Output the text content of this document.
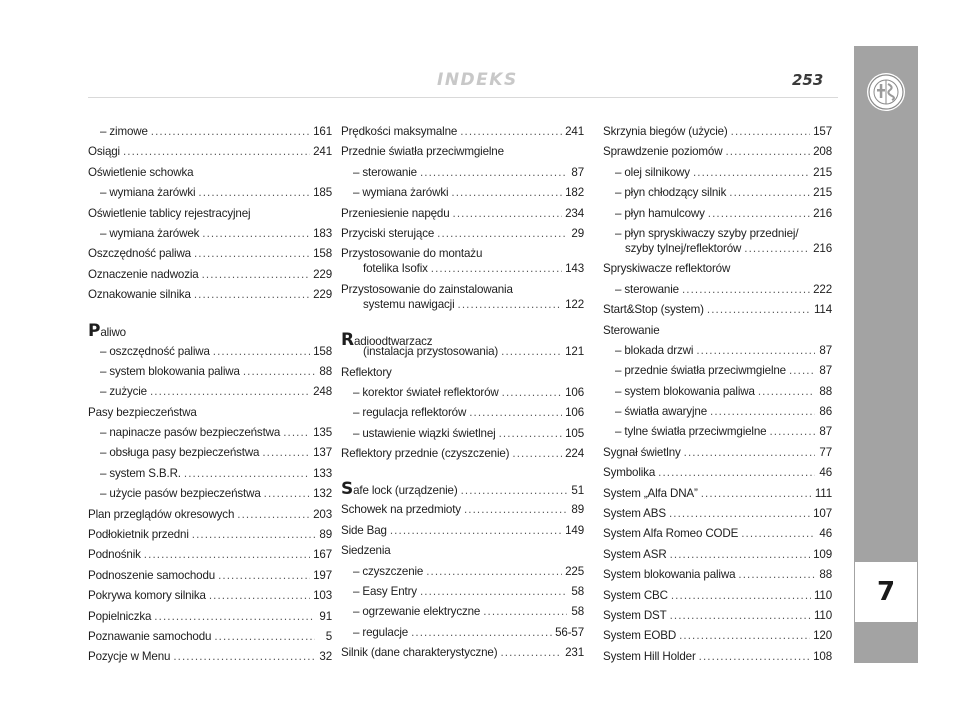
INDEKS	253
7
– zimowe .....	161
Osiągi .....	241
Oświetlenie schowka
– wymiana żarówki .....	185
Oświetlenie tablicy rejestracyjnej
– wymiana żarówek .....	183
Oszczędność paliwa .....	158
Oznaczenie nadwozia .....	229
Oznakowanie silnika .....	229
Paliwo
– oszczędność paliwa .....	158
– system blokowania paliwa .....	88
– zużycie .....	248
Pasy bezpieczeństwa
– napinacze pasów bezpieczeństwa .....	135
– obsługa pasy bezpieczeństwa .....	137
– system S.B.R. .....	133
– użycie pasów bezpieczeństwa .....	132
Plan przeglądów okresowych .....	203
Podłokietnik przedni .....	89
Podnośnik .....	167
Podnoszenie samochodu .....	197
Pokrywa komory silnika .....	103
Popielniczka .....	91
Poznawanie samochodu .....	5
Pozycje w Menu .....	32
Prędkości maksymalne .....	241
Przednie światła przeciwmgielne
– sterowanie .....	87
– wymiana żarówki .....	182
Przeniesienie napędu .....	234
Przyciski sterujące .....	29
Przystosowanie do montażu
fotelika Isofix .....	143
Przystosowanie do zainstalowania
systemu nawigacji .....	122
Radioodtwarzacz
(instalacja przystosowania) .....	121
Reflektory
– korektor świateł reflektorów .....	106
– regulacja reflektorów .....	106
– ustawienie wiązki świetlnej .....	105
Reflektory przednie (czyszczenie) .....	224
Safe lock (urządzenie) .....	51
Schowek na przedmioty .....	89
Side Bag .....	149
Siedzenia
– czyszczenie .....	225
– Easy Entry .....	58
– ogrzewanie elektryczne .....	58
– regulacje .....	56-57
Silnik (dane charakterystyczne) .....	231
Skrzynia biegów (użycie) .....	157
Sprawdzenie poziomów .....	208
– olej silnikowy .....	215
– płyn chłodzący silnik .....	215
– płyn hamulcowy .....	216
– płyn spryskiwaczy szyby przedniej/
szyby tylnej/reflektorów .....	216
Spryskiwacze reflektorów
– sterowanie .....	222
Start&Stop (system) .....	114
Sterowanie
– blokada drzwi .....	87
– przednie światła przeciwmgielne .....	87
– system blokowania paliwa .....	88
– światła awaryjne .....	86
– tylne światła przeciwmgielne .....	87
Sygnał świetlny .....	77
Symbolika .....	46
System „Alfa DNA” .....	111
System ABS .....	107
System Alfa Romeo CODE .....	46
System ASR .....	109
System blokowania paliwa .....	88
System CBC .....	110
System DST .....	110
System EOBD .....	120
System Hill Holder .....	108
